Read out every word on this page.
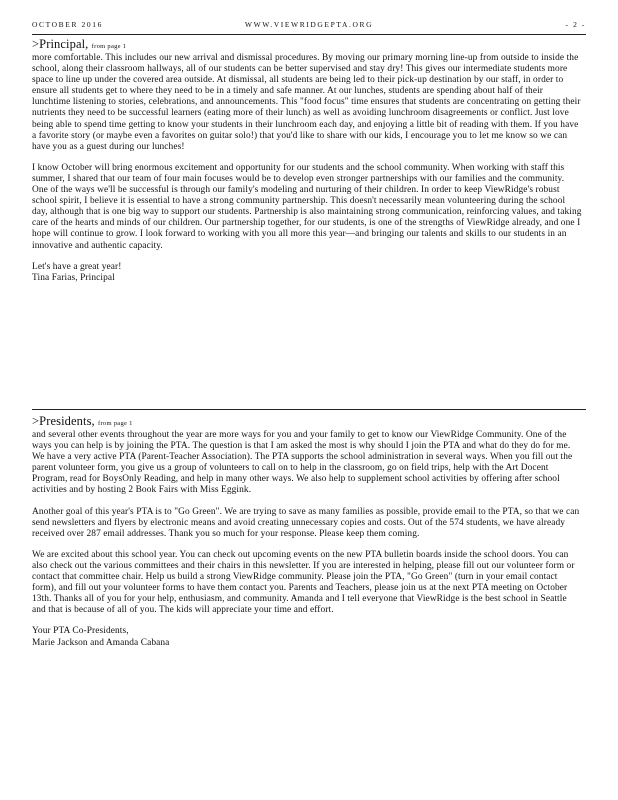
OCTOBER 2016	WWW.VIEWRIDGEPTA.ORG	- 2 -
>Principal, from page 1

more comfortable. This includes our new arrival and dismissal procedures. By moving our primary morning line-up from outside to inside the school, along their classroom hallways, all of our students can be better supervised and stay dry! This gives our intermediate students more space to line up under the covered area outside. At dismissal, all students are being led to their pick-up destination by our staff, in order to ensure all students get to where they need to be in a timely and safe manner. At our lunches, students are spending about half of their lunchtime listening to stories, celebrations, and announcements. This "food focus" time ensures that students are concentrating on getting their nutrients they need to be successful learners (eating more of their lunch) as well as avoiding lunchroom disagreements or conflict. Just love being able to spend time getting to know your students in their lunchroom each day, and enjoying a little bit of reading with them. If you have a favorite story (or maybe even a favorites on guitar solo!) that you'd like to share with our kids, I encourage you to let me know so we can have you as a guest during our lunches!

I know October will bring enormous excitement and opportunity for our students and the school community. When working with staff this summer, I shared that our team of four main focuses would be to develop even stronger partnerships with our families and the community. One of the ways we'll be successful is through our family's modeling and nurturing of their children. In order to keep ViewRidge's robust school spirit, I believe it is essential to have a strong community partnership. This doesn't necessarily mean volunteering during the school day, although that is one big way to support our students. Partnership is also maintaining strong communication, reinforcing values, and taking care of the hearts and minds of our children. Our partnership together, for our students, is one of the strengths of ViewRidge already, and one I hope will continue to grow. I look forward to working with you all more this year—and bringing our talents and skills to our students in an innovative and authentic capacity.

Let's have a great year!
Tina Farias, Principal
>Presidents, from page 1

and several other events throughout the year are more ways for you and your family to get to know our ViewRidge Community. One of the ways you can help is by joining the PTA. The question is that I am asked the most is why should I join the PTA and what do they do for me. We have a very active PTA (Parent-Teacher Association). The PTA supports the school administration in several ways. When you fill out the parent volunteer form, you give us a group of volunteers to call on to help in the classroom, go on field trips, help with the Art Docent Program, read for BoysOnly Reading, and help in many other ways. We also help to supplement school activities by offering after school activities and by hosting 2 Book Fairs with Miss Eggink.

Another goal of this year's PTA is to "Go Green". We are trying to save as many families as possible, provide email to the PTA, so that we can send newsletters and flyers by electronic means and avoid creating unnecessary copies and costs. Out of the 574 students, we have already received over 287 email addresses. Thank you so much for your response. Please keep them coming.

We are excited about this school year. You can check out upcoming events on the new PTA bulletin boards inside the school doors. You can also check out the various committees and their chairs in this newsletter. If you are interested in helping, please fill out our volunteer form or contact that committee chair. Help us build a strong ViewRidge community. Please join the PTA, "Go Green" (turn in your email contact form), and fill out your volunteer forms to have them contact you. Parents and Teachers, please join us at the next PTA meeting on October 13th. Thanks all of you for your help, enthusiasm, and community. Amanda and I tell everyone that ViewRidge is the best school in Seattle and that is because of all of you. The kids will appreciate your time and effort.

Your PTA Co-Presidents,
Marie Jackson and Amanda Cabana
